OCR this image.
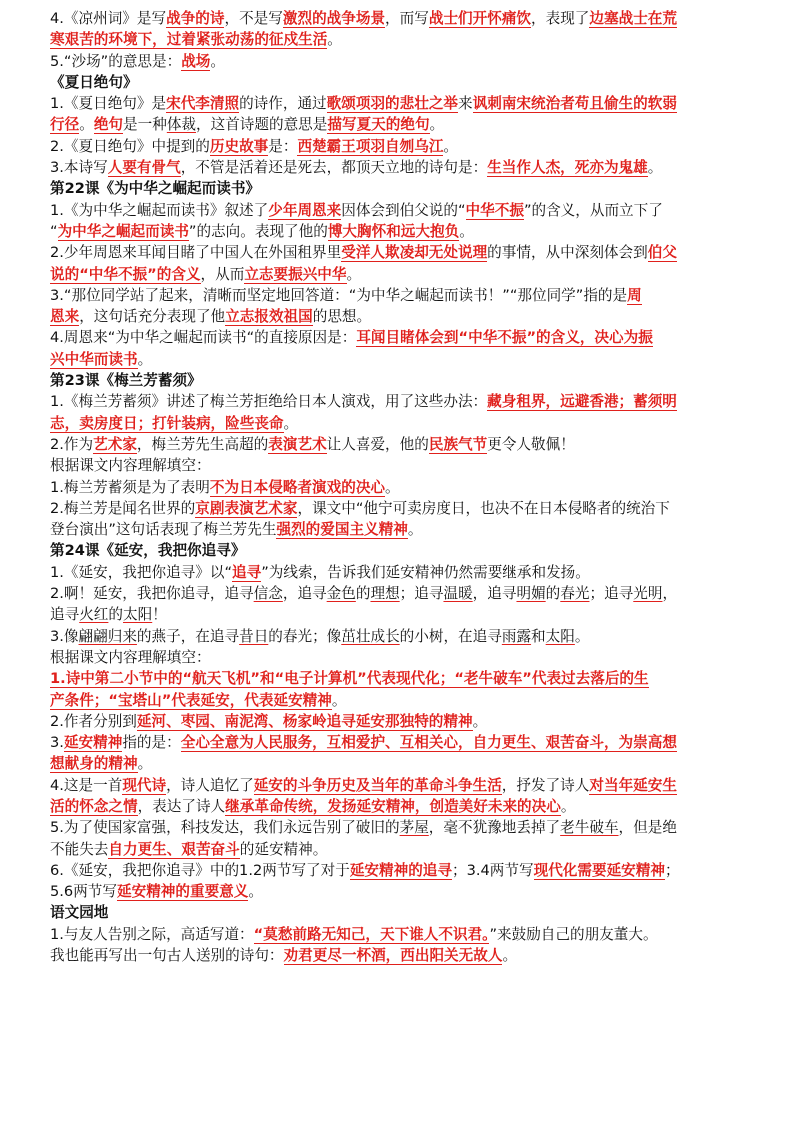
4.《凉州词》是写战争的诗，不是写激烈的战争场景，而写战士们开怀痛饮，表现了边塞战士在荒

寒艰苦的环境下，过着紧张动荡的征戍生活。

5.“沙场”的意思是：战场。

《夏日绝句》

1.《夏日绝句》是宋代李清照的诗作，通过歌颂项羽的悲壮之举来讽刺南宋统治者苟且偷生的软弱

行径。绝句是一种体裁，这首诗题的意思是描写夏天的绝句。

2.《夏日绝句》中提到的历史故事是：西楚霸王项羽自刎乌江。

3.本诗写人要有骨气，不管是活着还是死去，都顶天立地的诗句是：生当作人杰，死亦为鬼雄。

第22课《为中华之崛起而读书》

1.《为中华之崛起而读书》叙述了少年周恩来因体会到伯父说的“中华不振”的含义，从而立下了

“为中华之崛起而读书”的志向。表现了他的博大胸怀和远大抱负。

2.少年周恩来耳闻目睹了中国人在外国租界里受洋人欺凌却无处说理的事情，从中深刻体会到伯父

说的“中华不振”的含义，从而立志要振兴中华。

3.“那位同学站了起来，清晰而坚定地回答道：“为中华之崛起而读书！”“那位同学”指的是周

恩来，这句话充分表现了他立志报效祖国的思想。

4.周恩来“为中华之崛起而读书“的直接原因是：耳闻目睹体会到“中华不振”的含义，决心为振

兴中华而读书。

第23课《梅兰芳蓄须》

1.《梅兰芳蓄须》讲述了梅兰芳拒绝给日本人演戏，用了这些办法：藏身租界，远避香港；蓄须明

志，卖房度日；打针装病，险些丧命。

2.作为艺术家，梅兰芳先生高超的表演艺术让人喜爱，他的民族气节更令人敬佩！

根据课文内容理解填空：

1.梅兰芳蓄须是为了表明不为日本侵略者演戏的决心。

2.梅兰芳是闻名世界的京剧表演艺术家，课文中“他宁可卖房度日，也决不在日本侵略者的统治下

登台演出”这句话表现了梅兰芳先生强烈的爱国主义精神。

第24课《延安，我把你追寻》

1.《延安，我把你追寻》以“追寻”为线索，告诉我们延安精神仍然需要继承和发扬。

2.啊！延安，我把你追寻，追寻信念，追寻金色的理想；追寻温暖，追寻明媚的春光；追寻光明，

追寻火红的太阳！

3.像翩翩归来的燕子，在追寻昔日的春光；像茁壮成长的小树，在追寻雨露和太阳。

根据课文内容理解填空：

1.诗中第二小节中的“航天飞机”和“电子计算机”代表现代化；“老牛破车”代表过去落后的生

产条件；“宝塔山”代表延安，代表延安精神。

2.作者分别到延河、枣园、南泥湾、杨家岭追寻延安那独特的精神。

3.延安精神指的是：全心全意为人民服务，互相爱护、互相关心，自力更生、艰苦奋斗，为崇高想

想献身的精神。

4.这是一首现代诗，诗人追忆了延安的斗争历史及当年的革命斗争生活，抒发了诗人对当年延安生

活的怀念之情，表达了诗人继承革命传统，发扬延安精神，创造美好未来的决心。

5.为了使国家富强，科技发达，我们永远告别了破旧的茅屋，毫不犹豫地丢掉了老牛破车，但是绝

不能失去自力更生、艰苦奋斗的延安精神。

6.《延安，我把你追寻》中的1.2两节写了对于延安精神的追寻；3.4两节写现代化需要延安精神；

5.6两节写延安精神的重要意义。

语文园地

1.与友人告别之际，高适写道：“莫愁前路无知己，天下谁人不识君。”来鼓励自己的朋友董大。

我也能再写出一句古人送别的诗句：劝君更尽一杯酒，西出阳关无故人。
